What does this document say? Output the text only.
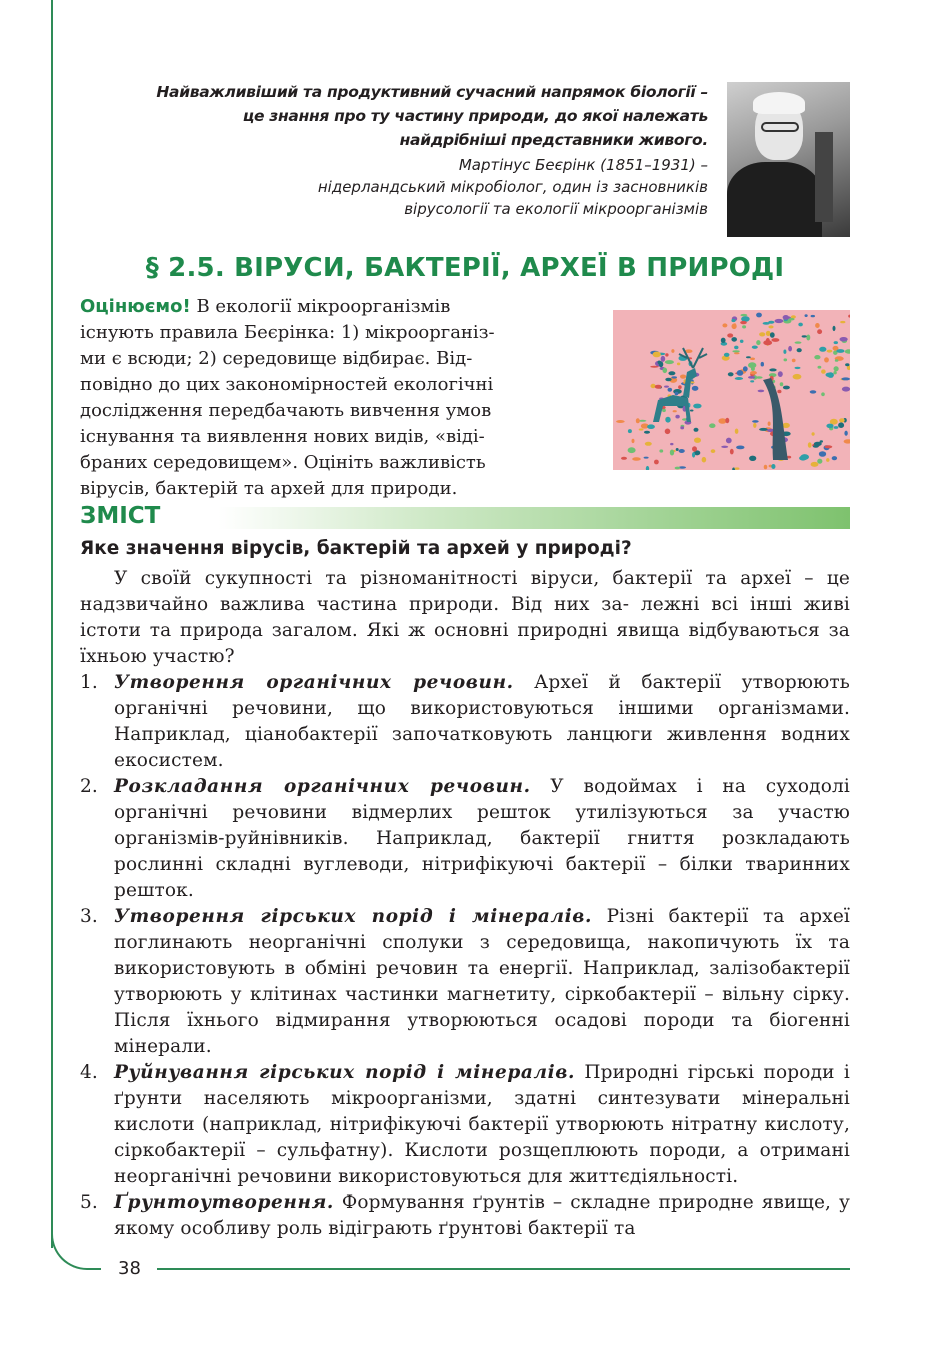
38
Найважливіший та продуктивний сучасний напрямок біології –
це знання про ту частину природи, до якої належать
найдрібніші представники живого.
Мартінус Беєрінк (1851–1931) –
нідерландський мікробіолог, один із засновників
вірусології та екології мікроорганізмів
§ 2.5. ВІРУСИ, БАКТЕРІЇ, АРХЕЇ В ПРИРОДІ
Оцінюємо! В екології мікроорганізмів
існують правила Беєрінка: 1) мікроорганіз-
ми є всюди; 2) середовище відбирає. Від-
повідно до цих закономірностей екологічні
дослідження передбачають вивчення умов
існування та виявлення нових видів, «віді-
браних середовищем». Оцініть важливість
вірусів, бактерій та архей для природи.
ЗМІСТ
Яке значення вірусів, бактерій та архей у природі?

У своїй сукупності та різноманітності віруси, бактерії та археї – це надзвичайно важлива частина природи. Від них за- лежні всі інші живі істоти та природа загалом. Які ж основні природні явища відбуваються за їхньою участю?

1. Утворення органічних речовин. Археї й бактерії утворюють органічні речовини, що використовуються іншими організмами. Наприклад, ціанобактерії започатковують ланцюги живлення водних екосистем.
2. Розкладання органічних речовин. У водоймах і на суходолі органічні речовини відмерлих решток утилізуються за участю організмів-руйнівників. Наприклад, бактерії гниття розкладають рослинні складні вуглеводи, нітрифікуючі бактерії – білки тваринних решток.
3. Утворення гірських порід і мінералів. Різні бактерії та археї поглинають неорганічні сполуки з середовища, накопичують їх та використовують в обміні речовин та енергії. Наприклад, залізобактерії утворюють у клітинах частинки магнетиту, сіркобактерії – вільну сірку. Після їхнього відмирання утворюються осадові породи та біогенні мінерали.
4. Руйнування гірських порід і мінералів. Природні гірські породи і ґрунти населяють мікроорганізми, здатні синтезувати мінеральні кислоти (наприклад, нітрифікуючі бактерії утворюють нітратну кислоту, сіркобактерії – сульфатну). Кислоти розщеплюють породи, а отримані неорганічні речовини використовуються для життєдіяльності.
5. Ґрунтоутворення. Формування ґрунтів – складне природне явище, у якому особливу роль відіграють ґрунтові бактерії та
